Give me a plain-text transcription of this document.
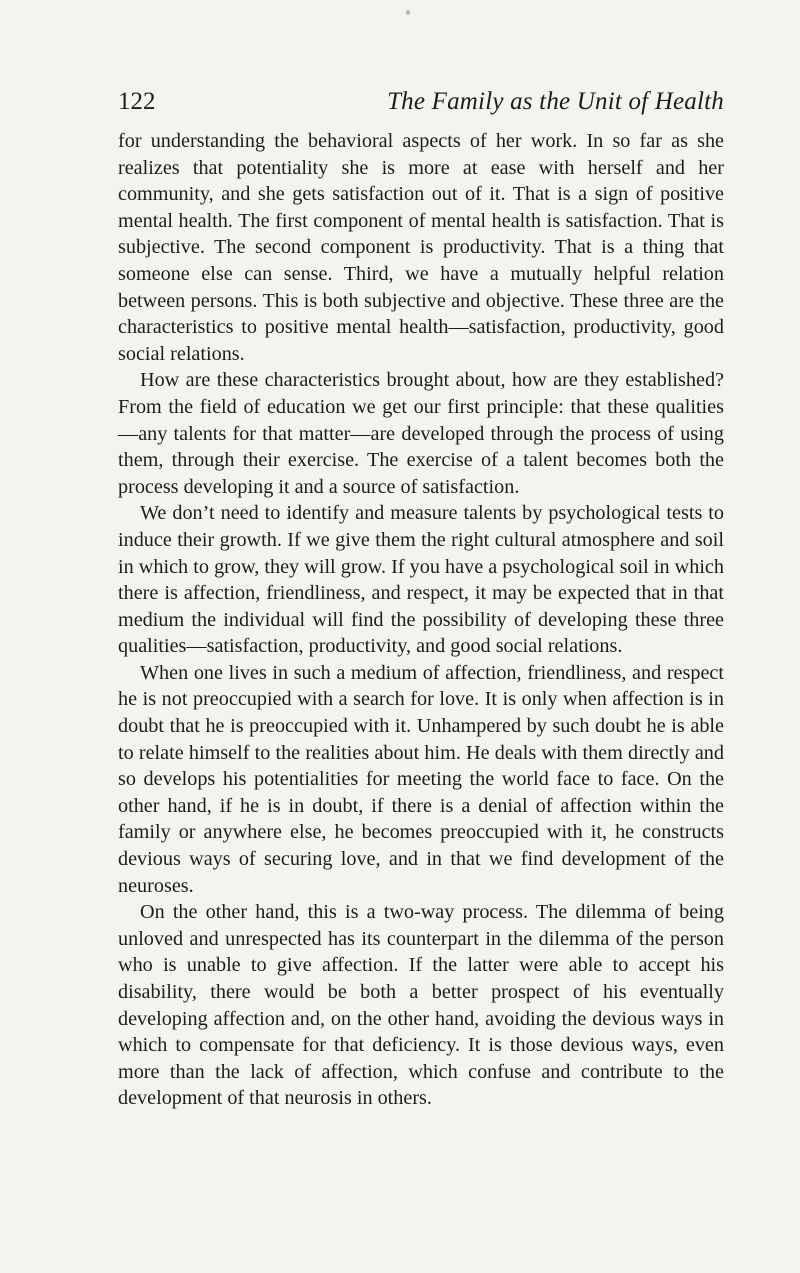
122	The Family as the Unit of Health

for understanding the behavioral aspects of her work. In so far as she realizes that potentiality she is more at ease with herself and her community, and she gets satisfaction out of it. That is a sign of positive mental health. The first component of mental health is satisfaction. That is subjective. The second component is productivity. That is a thing that someone else can sense. Third, we have a mutually helpful relation between persons. This is both subjective and objective. These three are the characteristics to positive mental health—satisfaction, productivity, good social relations.

How are these characteristics brought about, how are they established? From the field of education we get our first principle: that these qualities—any talents for that matter—are developed through the process of using them, through their exercise. The exercise of a talent becomes both the process developing it and a source of satisfaction.

We don’t need to identify and measure talents by psychological tests to induce their growth. If we give them the right cultural atmosphere and soil in which to grow, they will grow. If you have a psychological soil in which there is affection, friendliness, and respect, it may be expected that in that medium the individual will find the possibility of developing these three qualities—satisfaction, productivity, and good social relations.

When one lives in such a medium of affection, friendliness, and respect he is not preoccupied with a search for love. It is only when affection is in doubt that he is preoccupied with it. Unhampered by such doubt he is able to relate himself to the realities about him. He deals with them directly and so develops his potentialities for meeting the world face to face. On the other hand, if he is in doubt, if there is a denial of affection within the family or anywhere else, he becomes preoccupied with it, he constructs devious ways of securing love, and in that we find development of the neuroses.

On the other hand, this is a two-way process. The dilemma of being unloved and unrespected has its counterpart in the dilemma of the person who is unable to give affection. If the latter were able to accept his disability, there would be both a better prospect of his eventually developing affection and, on the other hand, avoiding the devious ways in which to compensate for that deficiency. It is those devious ways, even more than the lack of affection, which confuse and contribute to the development of that neurosis in others.
